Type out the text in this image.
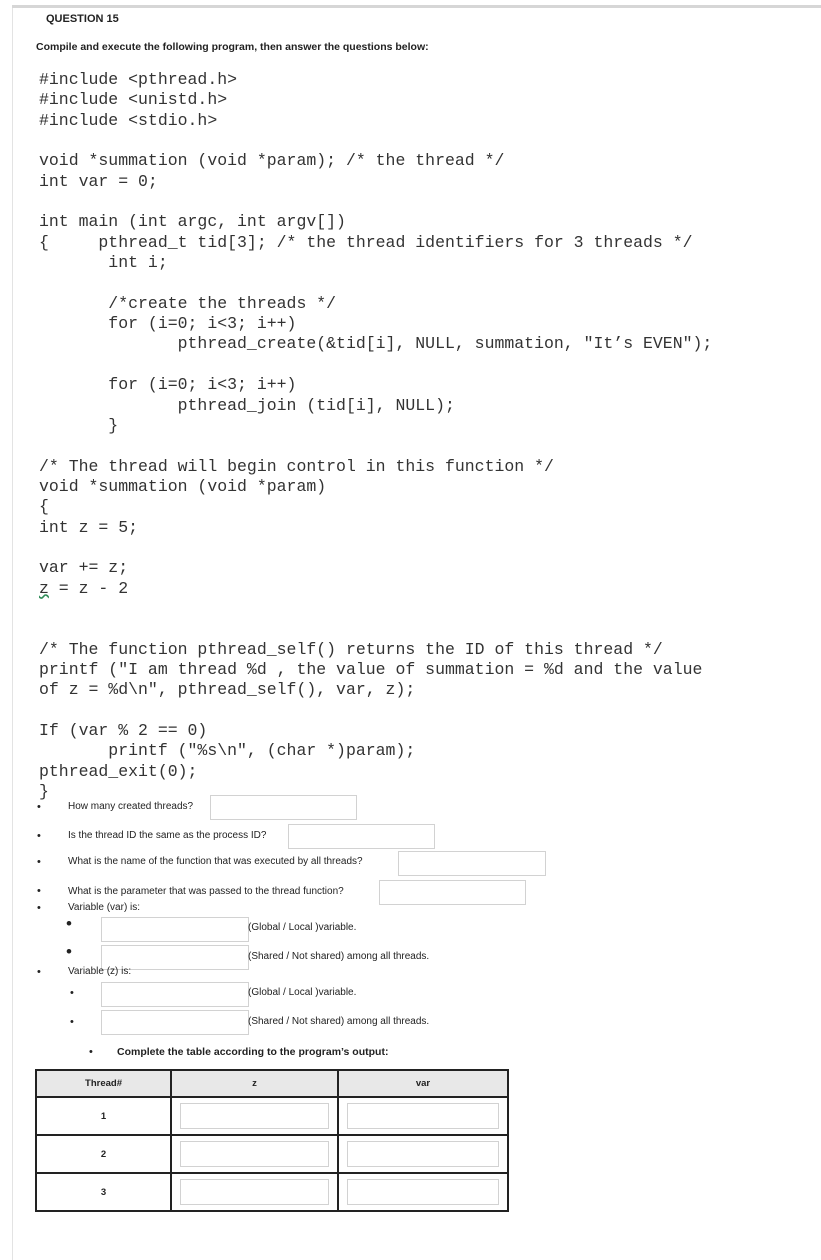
QUESTION 15
Compile and execute the following program, then answer the questions below:
#include <pthread.h>
#include <unistd.h>
#include <stdio.h>

void *summation (void *param); /* the thread */
int var = 0;

int main (int argc, int argv[])
{     pthread_t tid[3]; /* the thread identifiers for 3 threads */
int i;

/*create the threads */
for (i=0; i<3; i++)
pthread_create(&tid[i], NULL, summation, "It’s EVEN");

for (i=0; i<3; i++)
pthread_join (tid[i], NULL);
}

/* The thread will begin control in this function */
void *summation (void *param)
{
int z = 5;

var += z;
z = z - 2

/* The function pthread_self() returns the ID of this thread */
printf ("I am thread %d , the value of summation = %d and the value
of z = %d\n", pthread_self(), var, z);

If (var % 2 == 0)
printf ("%s\n", (char *)param);
pthread_exit(0);
}
•	How many created threads?
•	Is the thread ID the same as the process ID?
•	What is the name of the function that was executed by all threads?
•	What is the parameter that was passed to the thread function?
•	Variable (var) is:
•	(Global / Local )variable.
•	(Shared / Not shared) among all threads.
•	Variable (z) is:
•	(Global / Local )variable.
•	(Shared / Not shared) among all threads.
• Complete the table according to the program’s output:
Thread#	z	var
1	

2	

3	
